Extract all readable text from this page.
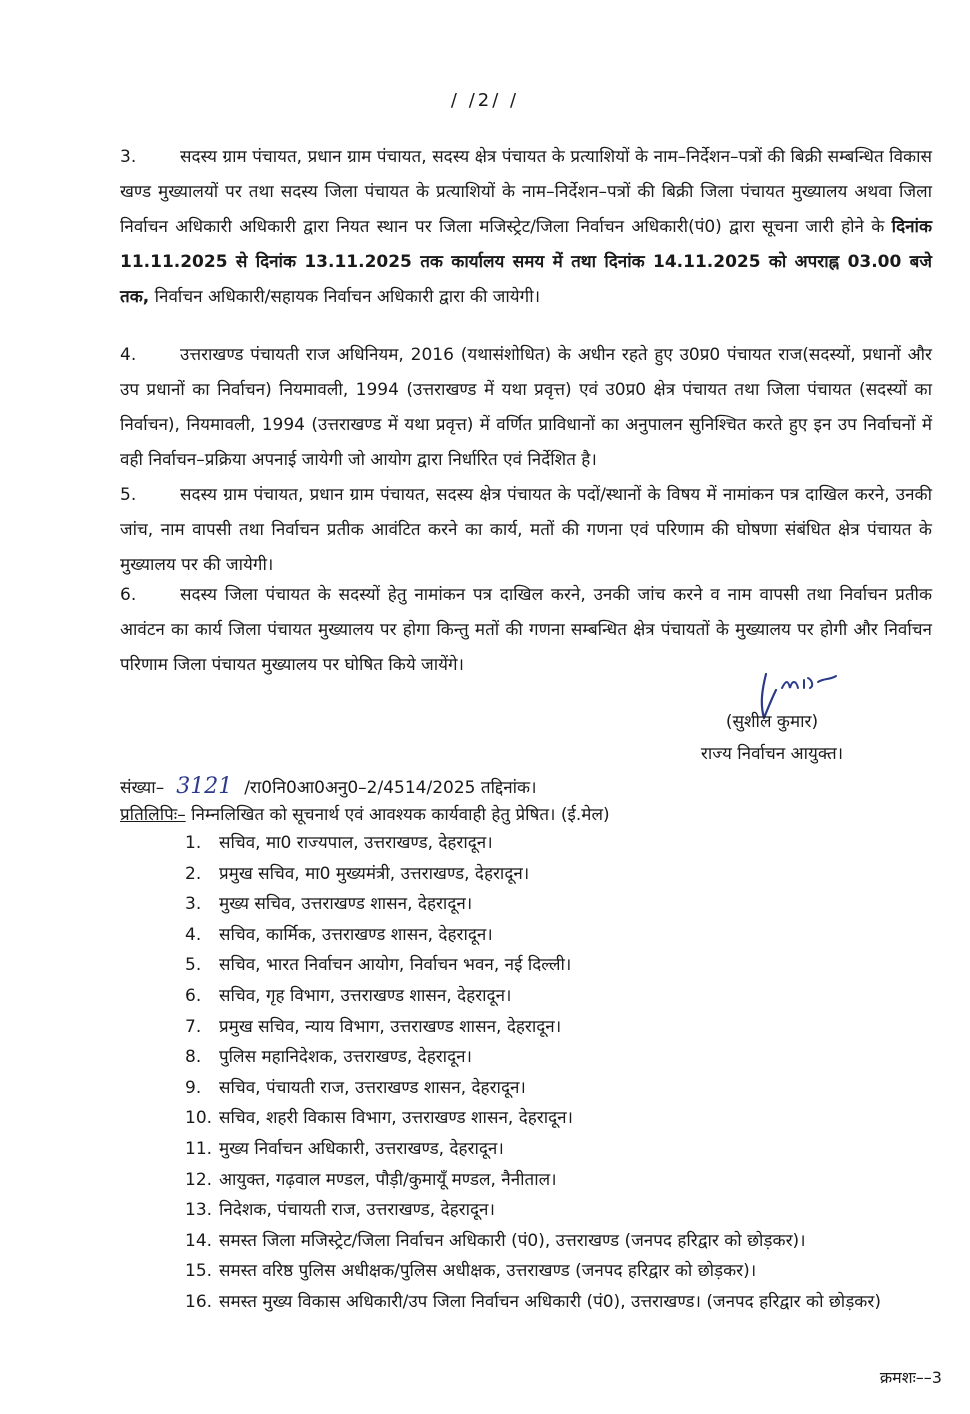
/ /2/ /

3.	सदस्य ग्राम पंचायत, प्रधान ग्राम पंचायत, सदस्य क्षेत्र पंचायत के प्रत्याशियों के नाम–निर्देशन–पत्रों की बिक्री सम्बन्धित विकास खण्ड मुख्यालयों पर तथा सदस्य जिला पंचायत के प्रत्याशियों के नाम–निर्देशन–पत्रों की बिक्री जिला पंचायत मुख्यालय अथवा जिला निर्वाचन अधिकारी अधिकारी द्वारा नियत स्थान पर जिला मजिस्ट्रेट/जिला निर्वाचन अधिकारी(पं0) द्वारा सूचना जारी होने के दिनांक 11.11.2025 से दिनांक 13.11.2025 तक कार्यालय समय में तथा दिनांक 14.11.2025 को अपराह्न 03.00 बजे तक, निर्वाचन अधिकारी/सहायक निर्वाचन अधिकारी द्वारा की जायेगी।

4.	उत्तराखण्ड पंचायती राज अधिनियम, 2016 (यथासंशोधित) के अधीन रहते हुए उ0प्र0 पंचायत राज(सदस्यों, प्रधानों और उप प्रधानों का निर्वाचन) नियमावली, 1994 (उत्तराखण्ड में यथा प्रवृत्त) एवं उ0प्र0 क्षेत्र पंचायत तथा जिला पंचायत (सदस्यों का निर्वाचन), नियमावली, 1994 (उत्तराखण्ड में यथा प्रवृत्त) में वर्णित प्राविधानों का अनुपालन सुनिश्चित करते हुए इन उप निर्वाचनों में वही निर्वाचन–प्रक्रिया अपनाई जायेगी जो आयोग द्वारा निर्धारित एवं निर्देशित है।

5.	सदस्य ग्राम पंचायत, प्रधान ग्राम पंचायत, सदस्य क्षेत्र पंचायत के पदों/स्थानों के विषय में नामांकन पत्र दाखिल करने, उनकी जांच, नाम वापसी तथा निर्वाचन प्रतीक आवंटित करने का कार्य, मतों की गणना एवं परिणाम की घोषणा संबंधित क्षेत्र पंचायत के मुख्यालय पर की जायेगी।

6.	सदस्य जिला पंचायत के सदस्यों हेतु नामांकन पत्र दाखिल करने, उनकी जांच करने व नाम वापसी तथा निर्वाचन प्रतीक आवंटन का कार्य जिला पंचायत मुख्यालय पर होगा किन्तु मतों की गणना सम्बन्धित क्षेत्र पंचायतों के मुख्यालय पर होगी और निर्वाचन परिणाम जिला पंचायत मुख्यालय पर घोषित किये जायेंगे।

(सुशील कुमार)
राज्य निर्वाचन आयुक्त।
संख्या– 3121 /रा0नि0आ0अनु0–2/4514/2025 तद्दिनांक।
प्रतिलिपिः– निम्नलिखित को सूचनार्थ एवं आवश्यक कार्यवाही हेतु प्रेषित। (ई.मेल)
1.	सचिव, मा0 राज्यपाल, उत्तराखण्ड, देहरादून।
2.	प्रमुख सचिव, मा0 मुख्यमंत्री, उत्तराखण्ड, देहरादून।
3.	मुख्य सचिव, उत्तराखण्ड शासन, देहरादून।
4.	सचिव, कार्मिक, उत्तराखण्ड शासन, देहरादून।
5.	सचिव, भारत निर्वाचन आयोग, निर्वाचन भवन, नई दिल्ली।
6.	सचिव, गृह विभाग, उत्तराखण्ड शासन, देहरादून।
7.	प्रमुख सचिव, न्याय विभाग, उत्तराखण्ड शासन, देहरादून।
8.	पुलिस महानिदेशक, उत्तराखण्ड, देहरादून।
9.	सचिव, पंचायती राज, उत्तराखण्ड शासन, देहरादून।
10. सचिव, शहरी विकास विभाग, उत्तराखण्ड शासन, देहरादून।
11. मुख्य निर्वाचन अधिकारी, उत्तराखण्ड, देहरादून।
12. आयुक्त, गढ़वाल मण्डल, पौड़ी/कुमायूँ मण्डल, नैनीताल।
13. निदेशक, पंचायती राज, उत्तराखण्ड, देहरादून।
14. समस्त जिला मजिस्ट्रेट/जिला निर्वाचन अधिकारी (पं0), उत्तराखण्ड (जनपद हरिद्वार को छोड़कर)।
15. समस्त वरिष्ठ पुलिस अधीक्षक/पुलिस अधीक्षक, उत्तराखण्ड (जनपद हरिद्वार को छोड़कर)।
16. समस्त मुख्य विकास अधिकारी/उप जिला निर्वाचन अधिकारी (पं0), उत्तराखण्ड। (जनपद हरिद्वार को छोड़कर)
क्रमशः––3
